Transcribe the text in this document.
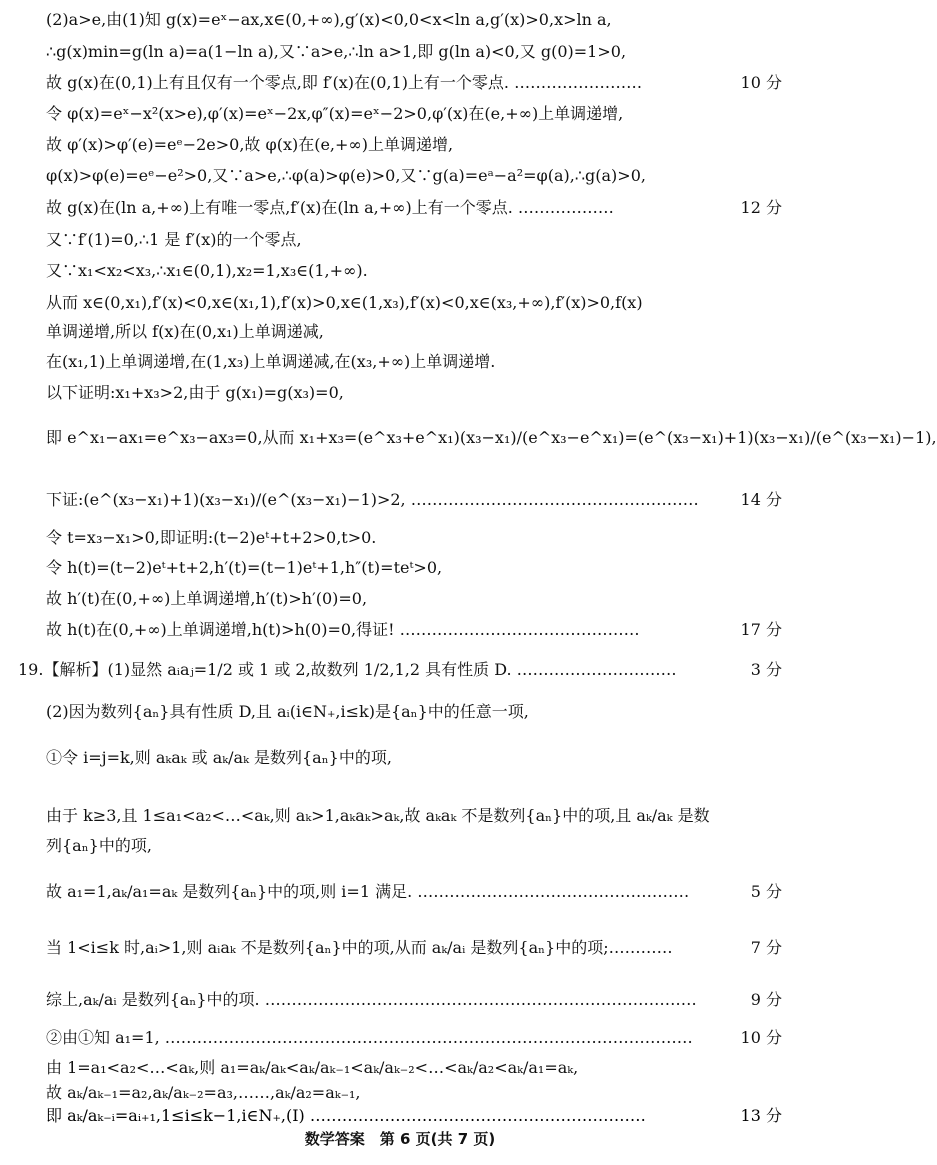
(2)a>e,由(1)知 g(x)=eˣ−ax,x∈(0,+∞),g′(x)<0,0<x<ln a,g′(x)>0,x>ln a,
∴g(x)min=g(ln a)=a(1−ln a),又∵a>e,∴ln a>1,即 g(ln a)<0,又 g(0)=1>0,
故 g(x)在(0,1)上有且仅有一个零点,即 f′(x)在(0,1)上有一个零点. ……………………	10 分
令 φ(x)=eˣ−x²(x>e),φ′(x)=eˣ−2x,φ″(x)=eˣ−2>0,φ′(x)在(e,+∞)上单调递增,
故 φ′(x)>φ′(e)=eᵉ−2e>0,故 φ(x)在(e,+∞)上单调递增,
φ(x)>φ(e)=eᵉ−e²>0,又∵a>e,∴φ(a)>φ(e)>0,又∵g(a)=eᵃ−a²=φ(a),∴g(a)>0,
故 g(x)在(ln a,+∞)上有唯一零点,f′(x)在(ln a,+∞)上有一个零点. ………………	12 分
又∵f′(1)=0,∴1 是 f′(x)的一个零点,
又∵x₁<x₂<x₃,∴x₁∈(0,1),x₂=1,x₃∈(1,+∞).
从而 x∈(0,x₁),f′(x)<0,x∈(x₁,1),f′(x)>0,x∈(1,x₃),f′(x)<0,x∈(x₃,+∞),f′(x)>0,f(x)
单调递增,所以 f(x)在(0,x₁)上单调递减,
在(x₁,1)上单调递增,在(1,x₃)上单调递减,在(x₃,+∞)上单调递增.
以下证明:x₁+x₃>2,由于 g(x₁)=g(x₃)=0,
即 e^x₁−ax₁=e^x₃−ax₃=0,从而 x₁+x₃=(e^x₃+e^x₁)(x₃−x₁)/(e^x₃−e^x₁)=(e^(x₃−x₁)+1)(x₃−x₁)/(e^(x₃−x₁)−1),
下证:(e^(x₃−x₁)+1)(x₃−x₁)/(e^(x₃−x₁)−1)>2, ………………………………………………	14 分
令 t=x₃−x₁>0,即证明:(t−2)eᵗ+t+2>0,t>0.
令 h(t)=(t−2)eᵗ+t+2,h′(t)=(t−1)eᵗ+1,h″(t)=teᵗ>0,
故 h′(t)在(0,+∞)上单调递增,h′(t)>h′(0)=0,
故 h(t)在(0,+∞)上单调递增,h(t)>h(0)=0,得证! ………………………………………	17 分
19.【解析】(1)显然 aᵢaⱼ=1/2 或 1 或 2,故数列 1/2,1,2 具有性质 D. …………………………	3 分
(2)因为数列{aₙ}具有性质 D,且 aᵢ(i∈N₊,i≤k)是{aₙ}中的任意一项,
①令 i=j=k,则 aₖaₖ 或 aₖ/aₖ 是数列{aₙ}中的项,
由于 k≥3,且 1≤a₁<a₂<…<aₖ,则 aₖ>1,aₖaₖ>aₖ,故 aₖaₖ 不是数列{aₙ}中的项,且 aₖ/aₖ 是数
列{aₙ}中的项,
故 a₁=1,aₖ/a₁=aₖ 是数列{aₙ}中的项,则 i=1 满足. ……………………………………………	5 分
当 1<i≤k 时,aᵢ>1,则 aᵢaₖ 不是数列{aₙ}中的项,从而 aₖ/aᵢ 是数列{aₙ}中的项;…………	7 分
综上,aₖ/aᵢ 是数列{aₙ}中的项. ………………………………………………………………………	9 分
②由①知 a₁=1, ………………………………………………………………………………………	10 分
由 1=a₁<a₂<…<aₖ,则 a₁=aₖ/aₖ<aₖ/aₖ₋₁<aₖ/aₖ₋₂<…<aₖ/a₂<aₖ/a₁=aₖ,
故 aₖ/aₖ₋₁=a₂,aₖ/aₖ₋₂=a₃,……,aₖ/a₂=aₖ₋₁,
数学答案　第 6 页(共 7 页)
即 aₖ/aₖ₋ᵢ=aᵢ₊₁,1≤i≤k−1,i∈N₊,(Ⅰ) ………………………………………………………	13 分
